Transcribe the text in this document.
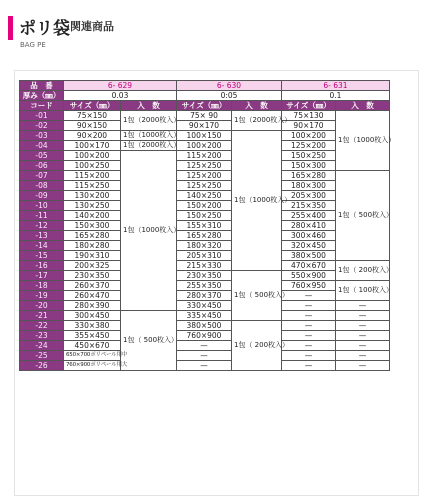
ポリ袋 関連商品
BAG PE
品　番	6- 629		6- 630		6- 631	
厚み（㎜）	0.03		0:05		0.1	
コード	サイズ（㎜）	入　数	サイズ（㎜）	入　数	サイズ（㎜）	入　数
-01	75×150	1包（2000枚入）	75× 90	1包（2000枚入）	75×130	1包（1000枚入）
-02	90×150		90×170		90×170	
-03	90×200	1包（1000枚入）	100×150	1包（1000枚入）	100×200	
-04	100×170	1包（2000枚入）	100×200		125×200	
-05	100×200	1包（1000枚入）	115×200		150×250	
-06	100×250		125×250		150×300	
-07	115×200		125×200		165×280	1包（ 500枚入）
-08	115×250		125×250		180×300	
-09	130×200		140×250		205×300	
-10	130×250		150×200		215×350	
-11	140×200		150×250		255×400	
-12	150×300		155×310		280×410	
-13	165×280		165×280		300×460	
-14	180×280		180×320		320×450	
-15	190×310		205×310		380×500	
-16	200×325		215×330		470×670	1包（ 200枚入）
-17	230×350		230×350	1包（ 500枚入）	550×900	
-18	260×370		255×350		760×950	1包（ 100枚入）
-19	260×470		280×370		—	
-20	280×390		330×450		—	—
-21	300×450	1包（ 500枚入）	335×450		—	—
-22	330×380		380×500	1包（ 200枚入）	—	—
-23	355×450		760×900		—	—
-24	450×670		—		—	—
-25	650×700ポリペール用中		—		—	—
-26	760×900ポリペール用大		—		—	—
